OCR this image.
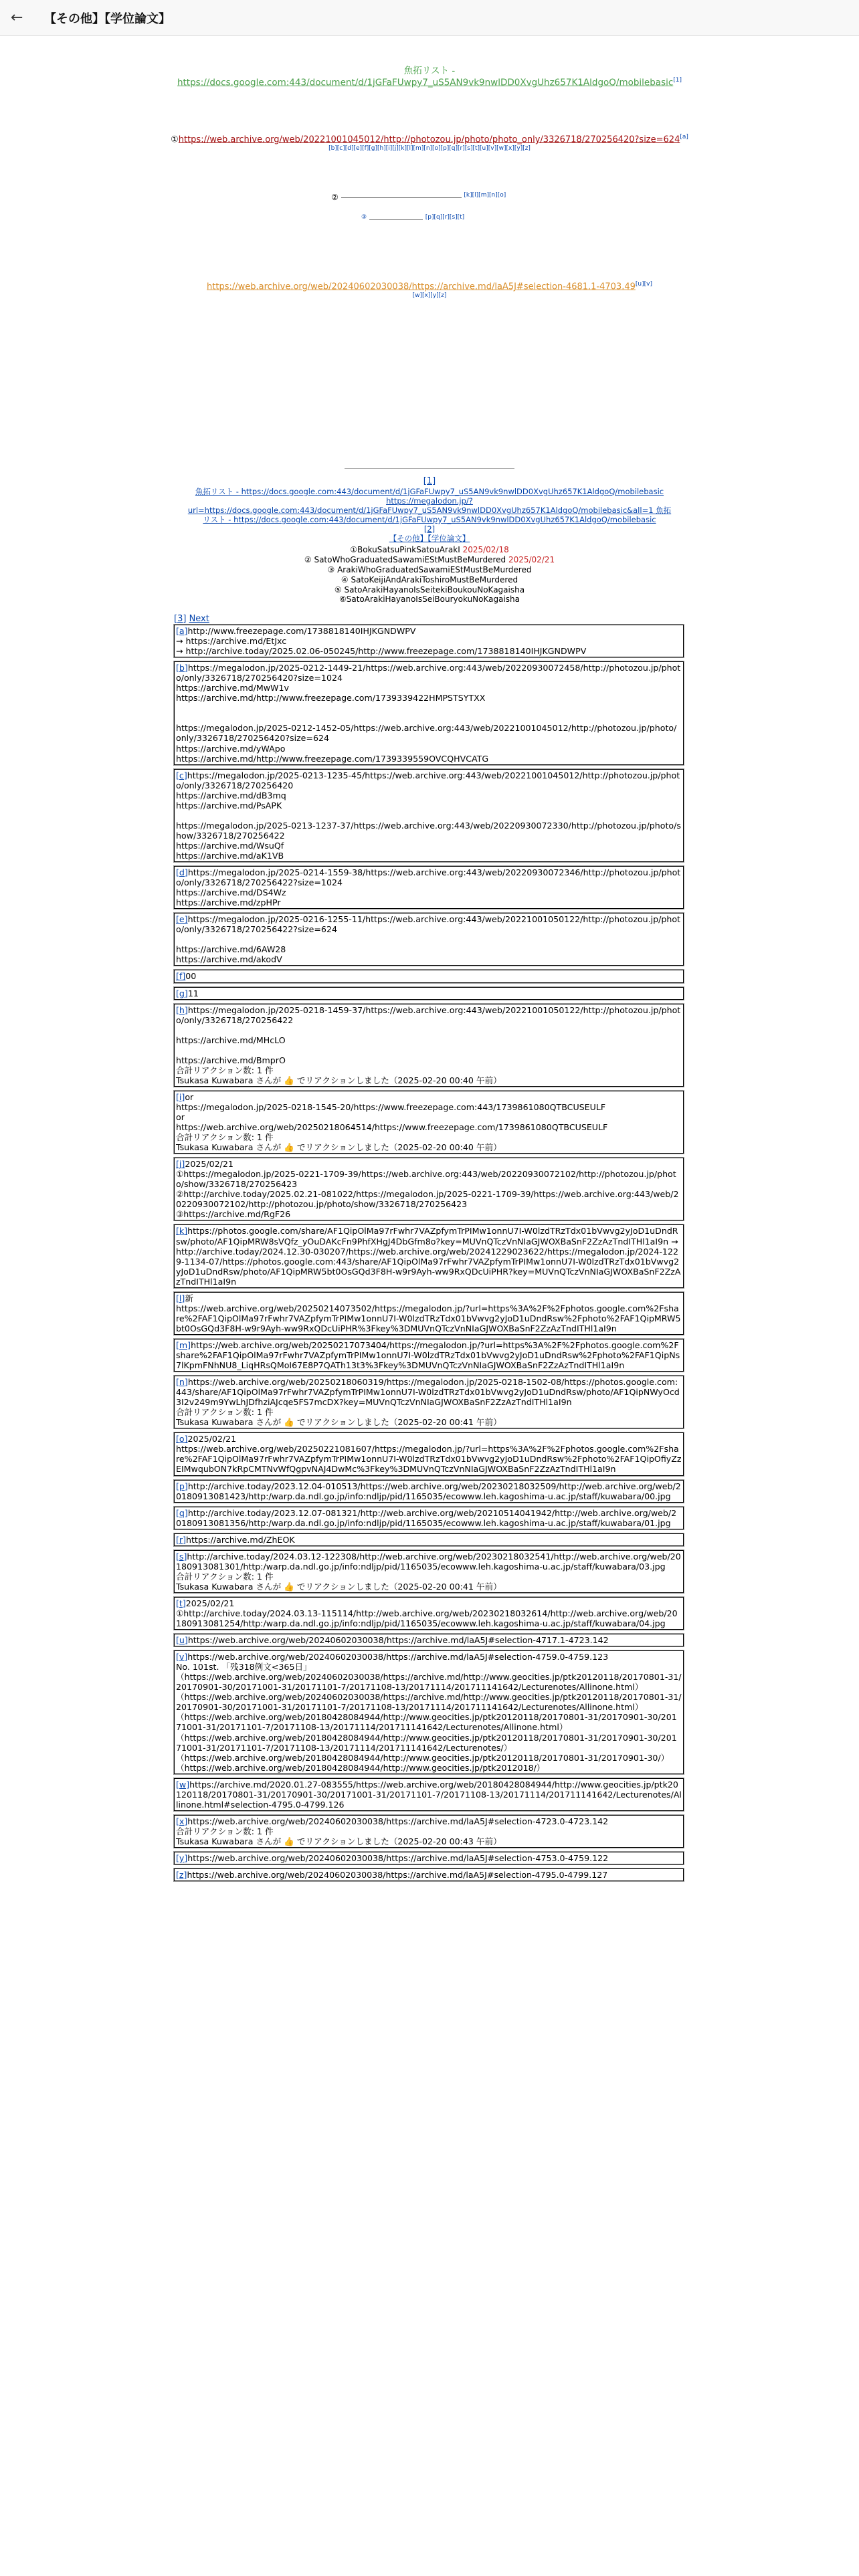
←	【その他】【学位論文】
魚拓リスト -
https://docs.google.com:443/document/d/1jGFaFUwpy7_uS5AN9vk9nwlDD0XvgUhz657K1AldgoQ/mobilebasic[1]
①https://web.archive.org/web/20221001045012/http://photozou.jp/photo/photo_only/3326718/270256420?size=624[a][b][c][d][e][f][g][h][i][j][k][l][m][n][o][p][q][r][s][t][u][v][w][x][y][z]
②	[k][l][m][n][o]
③	[p][q][r][s][t]
https://web.archive.org/web/20240602030038/https://archive.md/laA5J#selection-4681.1-4703.49[u][v]
[w][x][y][z]
[1]
魚拓リスト - https://docs.google.com:443/document/d/1jGFaFUwpy7_uS5AN9vk9nwlDD0XvgUhz657K1AldgoQ/mobilebasic
https://megalodon.jp/?url=https://docs.google.com:443/document/d/1jGFaFUwpy7_uS5AN9vk9nwlDD0XvgUhz657K1AldgoQ/mobilebasic&all=1 魚拓
リスト - https://docs.google.com:443/document/d/1jGFaFUwpy7_uS5AN9vk9nwlDD0XvgUhz657K1AldgoQ/mobilebasic
[2]
【その他】【学位論文】
①BokuSatsuPinkSatouArakI 2025/02/18
② SatoWhoGraduatedSawamiEStMustBeMurdered 2025/02/21
③ ArakiWhoGraduatedSawamiEStMustBeMurdered
④ SatoKeijiAndArakiToshiroMustBeMurdered
⑤ SatoArakiHayanoIsSeitekiBoukouNoKagaisha
⑥SatoArakiHayanoIsSeiBouryokuNoKagaisha
[3] Next
[a]http://www.freezepage.com/1738818140IHJKGNDWPV
→ https://archive.md/EtJxc
→ http://archive.today/2025.02.06-050245/http://www.freezepage.com/1738818140IHJKGNDWPV
[b]https://megalodon.jp/2025-0212-1449-21/https://web.archive.org:443/web/20220930072458/http://photozou.jp/photo/only/3326718/270256420?size=1024
https://archive.md/MwW1v
https://archive.md/http://www.freezepage.com/1739339422HMPSTSYTXX

https://megalodon.jp/2025-0212-1452-05/https://web.archive.org:443/web/20221001045012/http://photozou.jp/photo/only/3326718/270256420?size=624
https://archive.md/yWApo
https://archive.md/http://www.freezepage.com/1739339559OVCQHVCATG
[c]https://megalodon.jp/2025-0213-1235-45/https://web.archive.org:443/web/20221001045012/http://photozou.jp/photo/only/3326718/270256420
https://archive.md/dB3mq
https://archive.md/PsAPK

https://megalodon.jp/2025-0213-1237-37/https://web.archive.org:443/web/20220930072330/http://photozou.jp/photo/show/3326718/270256422
https://archive.md/WsuQf
https://archive.md/aK1VB
[d]https://megalodon.jp/2025-0214-1559-38/https://web.archive.org:443/web/20220930072346/http://photozou.jp/photo/only/3326718/270256422?size=1024
https://archive.md/DS4Wz
https://archive.md/zpHPr
[e]https://megalodon.jp/2025-0216-1255-11/https://web.archive.org:443/web/20221001050122/http://photozou.jp/photo/only/3326718/270256422?size=624

https://archive.md/6AW28
https://archive.md/akodV
[f]00
[g]11
[h]https://megalodon.jp/2025-0218-1459-37/https://web.archive.org:443/web/20221001050122/http://photozou.jp/photo/only/3326718/270256422

https://archive.md/MHcLO

https://archive.md/BmprO
合計リアクション数: 1 件
Tsukasa Kuwabara さんが 👍 でリアクションしました（2025-02-20 00:40 午前）
[i]or
https://megalodon.jp/2025-0218-1545-20/https://www.freezepage.com:443/1739861080QTBCUSEULF
or
https://web.archive.org/web/20250218064514/https://www.freezepage.com/1739861080QTBCUSEULF
合計リアクション数: 1 件
Tsukasa Kuwabara さんが 👍 でリアクションしました（2025-02-20 00:40 午前）
[j]2025/02/21
①https://megalodon.jp/2025-0221-1709-39/https://web.archive.org:443/web/20220930072102/http://photozou.jp/photo/show/3326718/270256423
②http://archive.today/2025.02.21-081022/https://megalodon.jp/2025-0221-1709-39/https://web.archive.org:443/web/20220930072102/http://photozou.jp/photo/show/3326718/270256423
③https://archive.md/RgF26
[k]https://photos.google.com/share/AF1QipOlMa97rFwhr7VAZpfymTrPIMw1onnU7I-W0lzdTRzTdx01bVwvg2yJoD1uDndRsw/photo/AF1QipMRW8sVQfz_yOuDAKcFn9PhfXHgJ4DbGfm8o?key=MUVnQTczVnNIaGJWOXBaSnF2ZzAzTndITHl1aI9n → http://archive.today/2024.12.30-030207/https://web.archive.org/web/20241229023622/https://megalodon.jp/2024-1229-1134-07/https://photos.google.com:443/share/AF1QipOlMa97rFwhr7VAZpfymTrPIMw1onnU7I-W0lzdTRzTdx01bVwvg2yJoD1uDndRsw/photo/AF1QipMRW5bt0OsGQd3F8H-w9r9Ayh-ww9RxQDcUiPHR?key=MUVnQTczVnNIaGJWOXBaSnF2ZzAzTndITHl1aI9n
[l]新
https://web.archive.org/web/20250214073502/https://megalodon.jp/?url=https%3A%2F%2Fphotos.google.com%2Fshare%2FAF1QipOlMa97rFwhr7VAZpfymTrPIMw1onnU7I-W0lzdTRzTdx01bVwvg2yJoD1uDndRsw%2Fphoto%2FAF1QipMRW5bt0OsGQd3F8H-w9r9Ayh-ww9RxQDcUiPHR%3Fkey%3DMUVnQTczVnNIaGJWOXBaSnF2ZzAzTndITHl1aI9n
[m]https://web.archive.org/web/20250217073404/https://megalodon.jp/?url=https%3A%2F%2Fphotos.google.com%2Fshare%2FAF1QipOlMa97rFwhr7VAZpfymTrPIMw1onnU7I-W0lzdTRzTdx01bVwvg2yJoD1uDndRsw%2Fphoto%2FAF1QipNs7lKpmFNhNU8_LiqHRsQMoI67E8P7QATh13t3%3Fkey%3DMUVnQTczVnNIaGJWOXBaSnF2ZzAzTndITHl1aI9n
[n]https://web.archive.org/web/20250218060319/https://megalodon.jp/2025-0218-1502-08/https://photos.google.com:443/share/AF1QipOlMa97rFwhr7VAZpfymTrPIMw1onnU7I-W0lzdTRzTdx01bVwvg2yJoD1uDndRsw/photo/AF1QipNWyOcd3I2v249m9YwLhJDfhziAJcqe5FS7mcDX?key=MUVnQTczVnNIaGJWOXBaSnF2ZzAzTndITHl1aI9n
合計リアクション数: 1 件
Tsukasa Kuwabara さんが 👍 でリアクションしました（2025-02-20 00:41 午前）
[o]2025/02/21
https://web.archive.org/web/20250221081607/https://megalodon.jp/?url=https%3A%2F%2Fphotos.google.com%2Fshare%2FAF1QipOlMa97rFwhr7VAZpfymTrPIMw1onnU7I-W0lzdTRzTdx01bVwvg2yJoD1uDndRsw%2Fphoto%2FAF1QipOfiyZzEIMwqubON7kRpCMTNvWfQgpvNAJ4DwMc%3Fkey%3DMUVnQTczVnNIaGJWOXBaSnF2ZzAzTndITHl1aI9n
[p]http://archive.today/2023.12.04-010513/https://web.archive.org/web/20230218032509/http://web.archive.org/web/20180913081423/http:/warp.da.ndl.go.jp/info:ndljp/pid/1165035/ecowww.leh.kagoshima-u.ac.jp/staff/kuwabara/00.jpg
[q]http://archive.today/2023.12.07-081321/http://web.archive.org/web/20210514041942/http://web.archive.org/web/20180913081356/http:/warp.da.ndl.go.jp/info:ndljp/pid/1165035/ecowww.leh.kagoshima-u.ac.jp/staff/kuwabara/01.jpg
[r]https://archive.md/ZhEOK
[s]http://archive.today/2024.03.12-122308/http://web.archive.org/web/20230218032541/http://web.archive.org/web/20180913081301/http:/warp.da.ndl.go.jp/info:ndljp/pid/1165035/ecowww.leh.kagoshima-u.ac.jp/staff/kuwabara/03.jpg
合計リアクション数: 1 件
Tsukasa Kuwabara さんが 👍 でリアクションしました（2025-02-20 00:41 午前）
[t]2025/02/21
①http://archive.today/2024.03.13-115114/http://web.archive.org/web/20230218032614/http://web.archive.org/web/20180913081254/http:/warp.da.ndl.go.jp/info:ndljp/pid/1165035/ecowww.leh.kagoshima-u.ac.jp/staff/kuwabara/04.jpg
[u]https://web.archive.org/web/20240602030038/https://archive.md/laA5J#selection-4717.1-4723.142
[v]https://web.archive.org/web/20240602030038/https://archive.md/laA5J#selection-4759.0-4759.123
No. 101st. 「残318例文<365日」
（https://web.archive.org/web/20240602030038/https://archive.md/http://www.geocities.jp/ptk20120118/20170801-31/20170901-30/20171001-31/20171101-7/20171108-13/20171114/201711141642/Lecturenotes/Allinone.html）
（https://web.archive.org/web/20240602030038/https://archive.md/http://www.geocities.jp/ptk20120118/20170801-31/20170901-30/20171001-31/20171101-7/20171108-13/20171114/201711141642/Lecturenotes/Allinone.html）
（https://web.archive.org/web/20180428084944/http://www.geocities.jp/ptk20120118/20170801-31/20170901-30/20171001-31/20171101-7/20171108-13/20171114/201711141642/Lecturenotes/Allinone.html）
（https://web.archive.org/web/20180428084944/http://www.geocities.jp/ptk20120118/20170801-31/20170901-30/20171001-31/20171101-7/20171108-13/20171114/201711141642/Lecturenotes/）
（https://web.archive.org/web/20180428084944/http://www.geocities.jp/ptk20120118/20170801-31/20170901-30/）
（https://web.archive.org/web/20180428084944/http://www.geocities.jp/ptk2012018/）
[w]https://archive.md/2020.01.27-083555/https://web.archive.org/web/20180428084944/http://www.geocities.jp/ptk20120118/20170801-31/20170901-30/20171001-31/20171101-7/20171108-13/20171114/201711141642/Lecturenotes/Allinone.html#selection-4795.0-4799.126
[x]https://web.archive.org/web/20240602030038/https://archive.md/laA5J#selection-4723.0-4723.142
合計リアクション数: 1 件
Tsukasa Kuwabara さんが 👍 でリアクションしました（2025-02-20 00:43 午前）
[y]https://web.archive.org/web/20240602030038/https://archive.md/laA5J#selection-4753.0-4759.122
[z]https://web.archive.org/web/20240602030038/https://archive.md/laA5J#selection-4795.0-4799.127
